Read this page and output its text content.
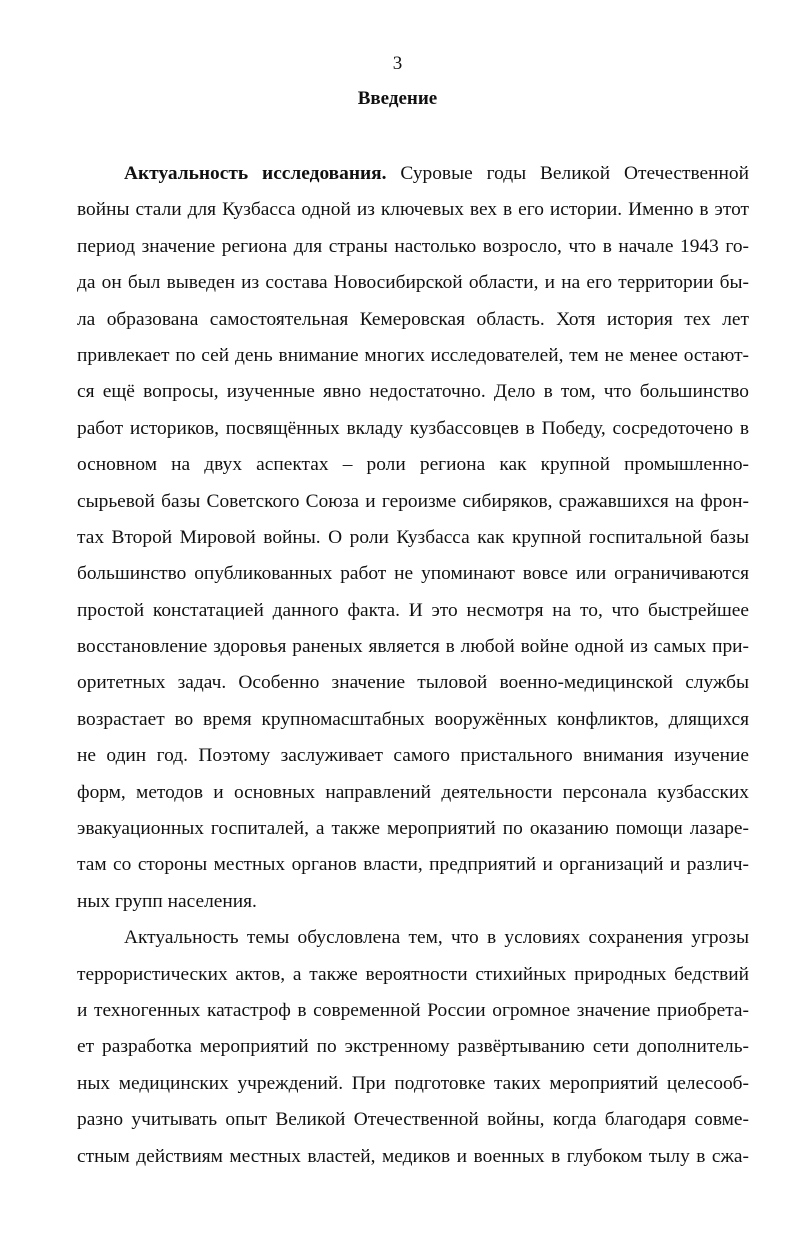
3
Введение
Актуальность исследования. Суровые годы Великой Отечественной
войны стали для Кузбасса одной из ключевых вех в его истории. Именно в этот
период значение региона для страны настолько возросло, что в начале 1943 го-
да он был выведен из состава Новосибирской области, и на его территории бы-
ла образована самостоятельная Кемеровская область. Хотя история тех лет
привлекает по сей день внимание многих исследователей, тем не менее остают-
ся ещё вопросы, изученные явно недостаточно. Дело в том, что большинство
работ историков, посвящённых вкладу кузбассовцев в Победу, сосредоточено в
основном на двух аспектах – роли региона как крупной промышленно-
сырьевой базы Советского Союза и героизме сибиряков, сражавшихся на фрон-
тах Второй Мировой войны. О роли Кузбасса как крупной госпитальной базы
большинство опубликованных работ не упоминают вовсе или ограничиваются
простой констатацией данного факта. И это несмотря на то, что быстрейшее
восстановление здоровья раненых является в любой войне одной из самых при-
оритетных задач. Особенно значение тыловой военно-медицинской службы
возрастает во время крупномасштабных вооружённых конфликтов, длящихся
не один год. Поэтому заслуживает самого пристального внимания изучение
форм, методов и основных направлений деятельности персонала кузбасских
эвакуационных госпиталей, а также мероприятий по оказанию помощи лазаре-
там со стороны местных органов власти, предприятий и организаций и различ-
ных групп населения.
Актуальность темы обусловлена тем, что в условиях сохранения угрозы
террористических актов, а также вероятности стихийных природных бедствий
и техногенных катастроф в современной России огромное значение приобрета-
ет разработка мероприятий по экстренному развёртыванию сети дополнитель-
ных медицинских учреждений. При подготовке таких мероприятий целесооб-
разно учитывать опыт Великой Отечественной войны, когда благодаря совме-
стным действиям местных властей, медиков и военных в глубоком тылу в сжа-
